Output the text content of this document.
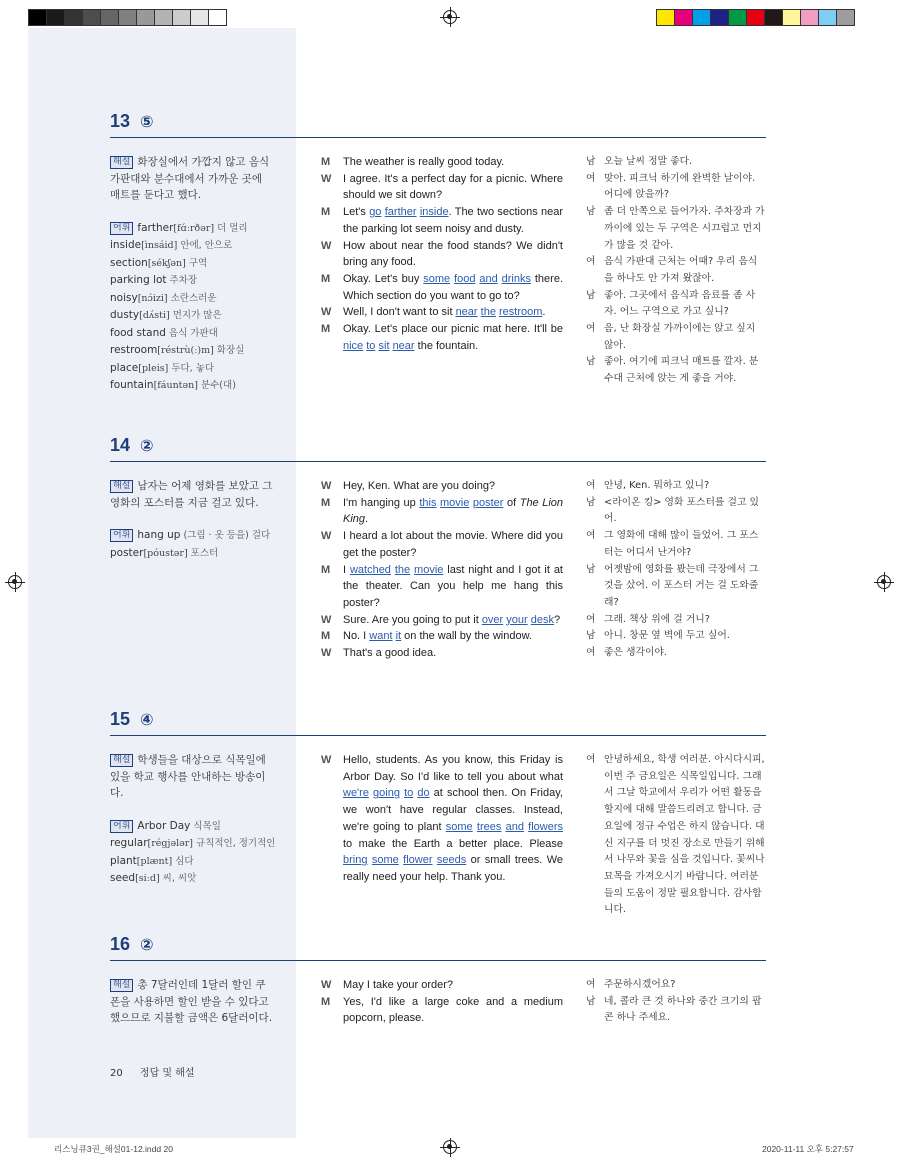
13 ⑤
해설 화장실에서 가깝지 않고 음식 가판대와 분수대에서 가까운 곳에 매트를 둔다고 했다.
어휘 farther[fɑ́ːrðər] 더 멀리
inside[ìnsáid] 안에, 안으로
section[sékʃən] 구역
parking lot 주차장
noisy[nɔ́izi] 소란스러운
dusty[dʌ́sti] 먼지가 많은
food stand 음식 가판대
restroom[réstrù(ː)m] 화장실
place[pleis] 두다, 놓다
fountain[fáuntən] 분수(대)
M The weather is really good today.
W I agree. It's a perfect day for a picnic. Where should we sit down?
M Let's go farther inside. The two sections near the parking lot seem noisy and dusty.
W How about near the food stands? We didn't bring any food.
M Okay. Let's buy some food and drinks there. Which section do you want to go to?
W Well, I don't want to sit near the restroom.
M Okay. Let's place our picnic mat here. It'll be nice to sit near the fountain.
남 오늘 날씨 정말 좋다.
여 맞아. 피크닉 하기에 완벽한 날이야. 어디에 앉을까?
남 좀 더 안쪽으로 들어가자. 주차장과 가까이에 있는 두 구역은 시끄럽고 먼지가 많을 것 같아.
여 음식 가판대 근처는 어때? 우리 음식을 하나도 안 가져 왔잖아.
남 좋아. 그곳에서 음식과 음료를 좀 사자. 어느 구역으로 가고 싶니?
여 음, 난 화장실 가까이에는 앉고 싶지 않아.
남 좋아. 여기에 피크닉 매트를 깔자. 분수대 근처에 앉는 게 좋을 거야.
14 ②
해설 남자는 어제 영화를 보았고 그 영화의 포스터를 지금 걸고 있다.
어휘 hang up (그림 · 옷 등을) 걸다
poster[póustər] 포스터
W Hey, Ken. What are you doing?
M I'm hanging up this movie poster of The Lion King.
W I heard a lot about the movie. Where did you get the poster?
M I watched the movie last night and I got it at the theater. Can you help me hang this poster?
W Sure. Are you going to put it over your desk?
M No. I want it on the wall by the window.
W That's a good idea.
여 안녕, Ken. 뭐하고 있니?
남 <라이온 킹> 영화 포스터를 걸고 있어.
여 그 영화에 대해 많이 들었어. 그 포스터는 어디서 난거야?
남 어젯밤에 영화를 봤는데 극장에서 그것을 샀어. 이 포스터 거는 걸 도와줄래?
여 그래. 책상 위에 걸 거니?
남 아니. 창문 옆 벽에 두고 싶어.
여 좋은 생각이야.
15 ④
해설 학생들을 대상으로 식목일에 있을 학교 행사를 안내하는 방송이다.
어휘 Arbor Day 식목일
regular[régjələr] 규칙적인, 정기적인
plant[plænt] 심다
seed[siːd] 씨, 씨앗
W Hello, students. As you know, this Friday is Arbor Day. So I'd like to tell you about what we're going to do at school then. On Friday, we won't have regular classes. Instead, we're going to plant some trees and flowers to make the Earth a better place. Please bring some flower seeds or small trees. We really need your help. Thank you.
여 안녕하세요, 학생 여러분. 아시다시피, 이번 주 금요일은 식목일입니다. 그래서 그날 학교에서 우리가 어떤 활동을 할지에 대해 말씀드리려고 합니다. 금요일에 정규 수업은 하지 않습니다. 대신 지구를 더 멋진 장소로 만들기 위해서 나무와 꽃을 심을 것입니다. 꽃씨나 묘목을 가져오시기 바랍니다. 여러분들의 도움이 정말 필요합니다. 감사합니다.
16 ②
해설 총 7달러인데 1달러 할인 쿠폰을 사용하면 할인 받을 수 있다고 했으므로 지불할 금액은 6달러이다.
W May I take your order?
M Yes, I'd like a large coke and a medium popcorn, please.
여 주문하시겠어요?
남 네, 콜라 큰 것 하나와 중간 크기의 팝콘 하나 주세요.
20 정답 및 해설
리스닝큐3권_해설01-12.indd 20	2020-11-11 오후 5:27:57
